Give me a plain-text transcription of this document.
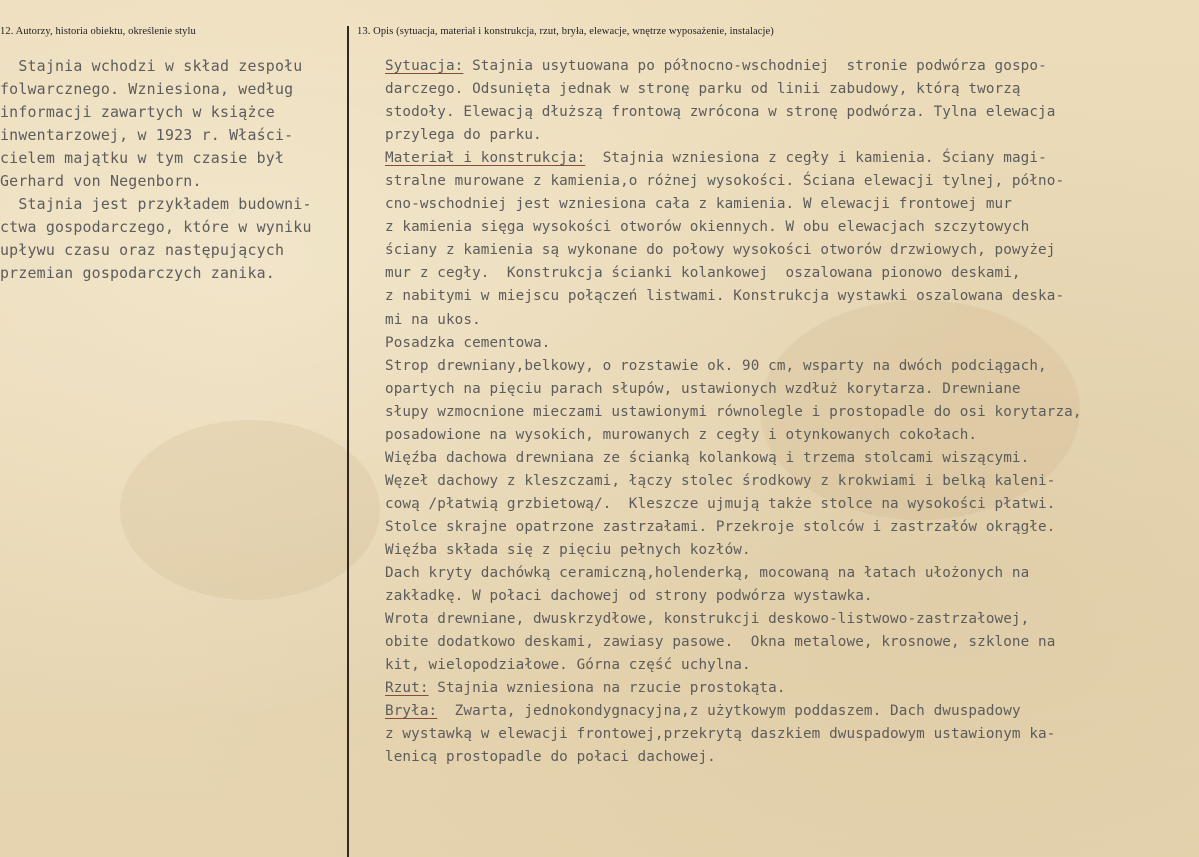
12. Autorzy, historia obiektu, określenie stylu	13. Opis (sytuacja, materiał i konstrukcja, rzut, bryła, elewacje, wnętrze wyposażenie, instalacje)
Stajnia wchodzi w skład zespołu
folwarcznego. Wzniesiona, według
informacji zawartych w książce
inwentarzowej, w 1923 r. Właści-
cielem majątku w tym czasie był
Gerhard von Negenborn.
Stajnia jest przykładem budowni-
ctwa gospodarczego, które w wyniku
upływu czasu oraz następujących
przemian gospodarczych zanika.
Sytuacja: Stajnia usytuowana po północno-wschodniej  stronie podwórza gospo-
darczego. Odsunięta jednak w stronę parku od linii zabudowy, którą tworzą
stodoły. Elewacją dłuższą frontową zwrócona w stronę podwórza. Tylna elewacja
przylega do parku.
Materiał i konstrukcja:  Stajnia wzniesiona z cegły i kamienia. Ściany magi-
stralne murowane z kamienia,o różnej wysokości. Ściana elewacji tylnej, półno-
cno-wschodniej jest wzniesiona cała z kamienia. W elewacji frontowej mur
z kamienia sięga wysokości otworów okiennych. W obu elewacjach szczytowych
ściany z kamienia są wykonane do połowy wysokości otworów drzwiowych, powyżej
mur z cegły.  Konstrukcja ścianki kolankowej  oszalowana pionowo deskami,
z nabitymi w miejscu połączeń listwami. Konstrukcja wystawki oszalowana deska-
mi na ukos.
Posadzka cementowa.
Strop drewniany,belkowy, o rozstawie ok. 90 cm, wsparty na dwóch podciągach,
opartych na pięciu parach słupów, ustawionych wzdłuż korytarza. Drewniane
słupy wzmocnione mieczami ustawionymi równolegle i prostopadle do osi korytarza,
posadowione na wysokich, murowanych z cegły i otynkowanych cokołach.
Więźba dachowa drewniana ze ścianką kolankową i trzema stolcami wiszącymi.
Węzeł dachowy z kleszczami, łączy stolec środkowy z krokwiami i belką kaleni-
cową /płatwią grzbietową/.  Kleszcze ujmują także stolce na wysokości płatwi.
Stolce skrajne opatrzone zastrzałami. Przekroje stolców i zastrzałów okrągłe.
Więźba składa się z pięciu pełnych kozłów.
Dach kryty dachówką ceramiczną,holenderką, mocowaną na łatach ułożonych na
zakładkę. W połaci dachowej od strony podwórza wystawka.
Wrota drewniane, dwuskrzydłowe, konstrukcji deskowo-listwowo-zastrzałowej,
obite dodatkowo deskami, zawiasy pasowe.  Okna metalowe, krosnowe, szklone na
kit, wielopodziałowe. Górna część uchylna.
Rzut: Stajnia wzniesiona na rzucie prostokąta.
Bryła:  Zwarta, jednokondygnacyjna,z użytkowym poddaszem. Dach dwuspadowy
z wystawką w elewacji frontowej,przekrytą daszkiem dwuspadowym ustawionym ka-
lenicą prostopadle do połaci dachowej.
